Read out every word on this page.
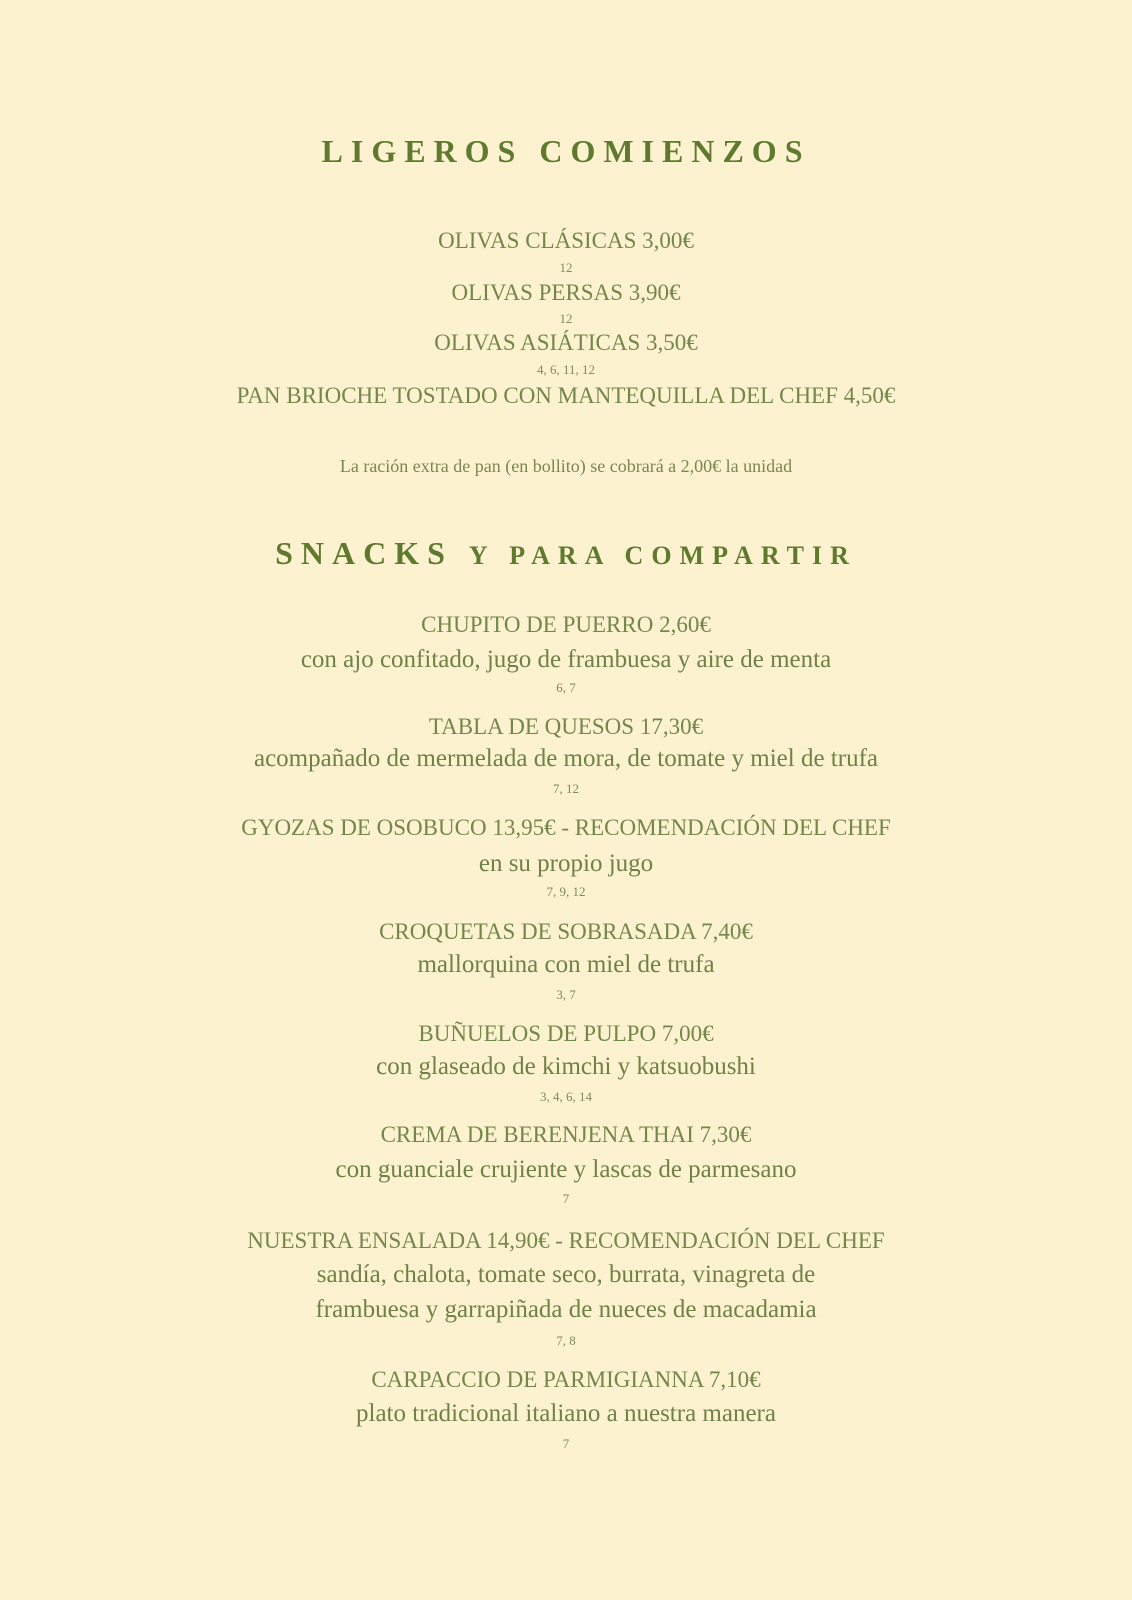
LIGEROS COMIENZOS
OLIVAS CLÁSICAS 3,00€
12
OLIVAS PERSAS 3,90€
12
OLIVAS ASIÁTICAS 3,50€
4, 6, 11, 12
PAN BRIOCHE TOSTADO CON MANTEQUILLA DEL CHEF 4,50€
La ración extra de pan (en bollito) se cobrará a 2,00€ la unidad
SNACKS Y PARA COMPARTIR
CHUPITO DE PUERRO 2,60€
con ajo confitado, jugo de frambuesa y aire de menta
6, 7
TABLA DE QUESOS 17,30€
acompañado de mermelada de mora, de tomate y miel de trufa
7, 12
GYOZAS DE OSOBUCO 13,95€ - RECOMENDACIÓN DEL CHEF
en su propio jugo
7, 9, 12
CROQUETAS DE SOBRASADA 7,40€
mallorquina con miel de trufa
3, 7
BUÑUELOS DE PULPO 7,00€
con glaseado de kimchi y katsuobushi
3, 4, 6, 14
CREMA DE BERENJENA THAI 7,30€
con guanciale crujiente y lascas de parmesano
7
NUESTRA ENSALADA 14,90€ - RECOMENDACIÓN DEL CHEF
sandía, chalota, tomate seco, burrata, vinagreta de
frambuesa y garrapiñada de nueces de macadamia
7, 8
CARPACCIO DE PARMIGIANNA 7,10€
plato tradicional italiano a nuestra manera
7
